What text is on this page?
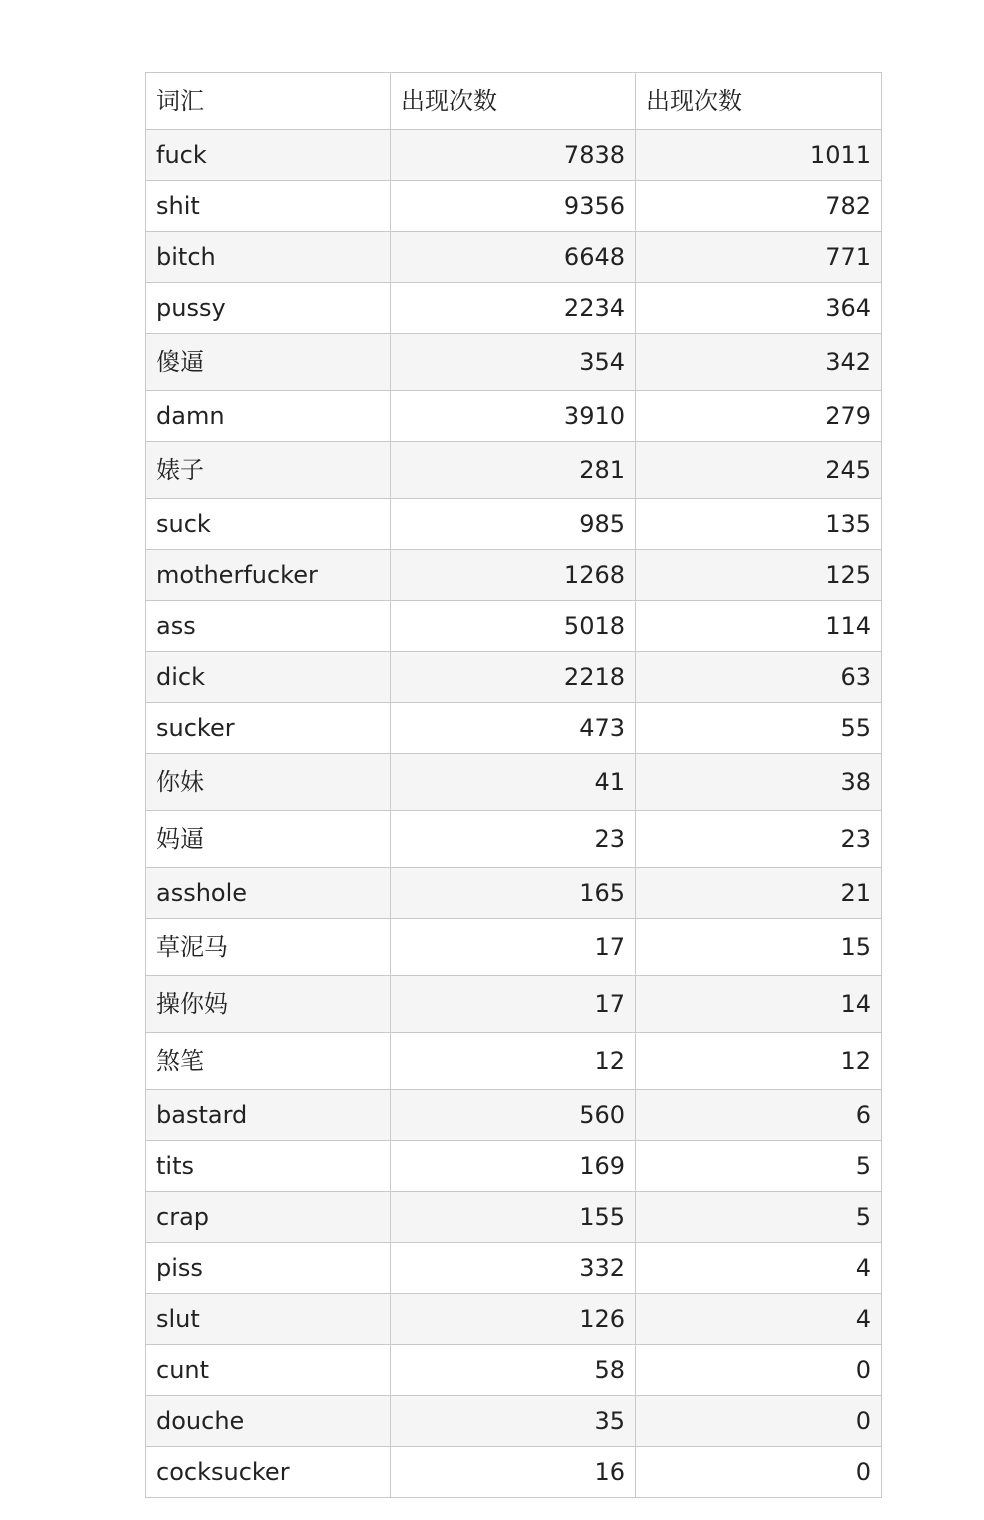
词汇	出现次数	出现次数
fuck	7838	1011
shit	9356	782
bitch	6648	771
pussy	2234	364
傻逼	354	342
damn	3910	279
婊子	281	245
suck	985	135
motherfucker	1268	125
ass	5018	114
dick	2218	63
sucker	473	55
你妹	41	38
妈逼	23	23
asshole	165	21
草泥马	17	15
操你妈	17	14
煞笔	12	12
bastard	560	6
tits	169	5
crap	155	5
piss	332	4
slut	126	4
cunt	58	0
douche	35	0
cocksucker	16	0
